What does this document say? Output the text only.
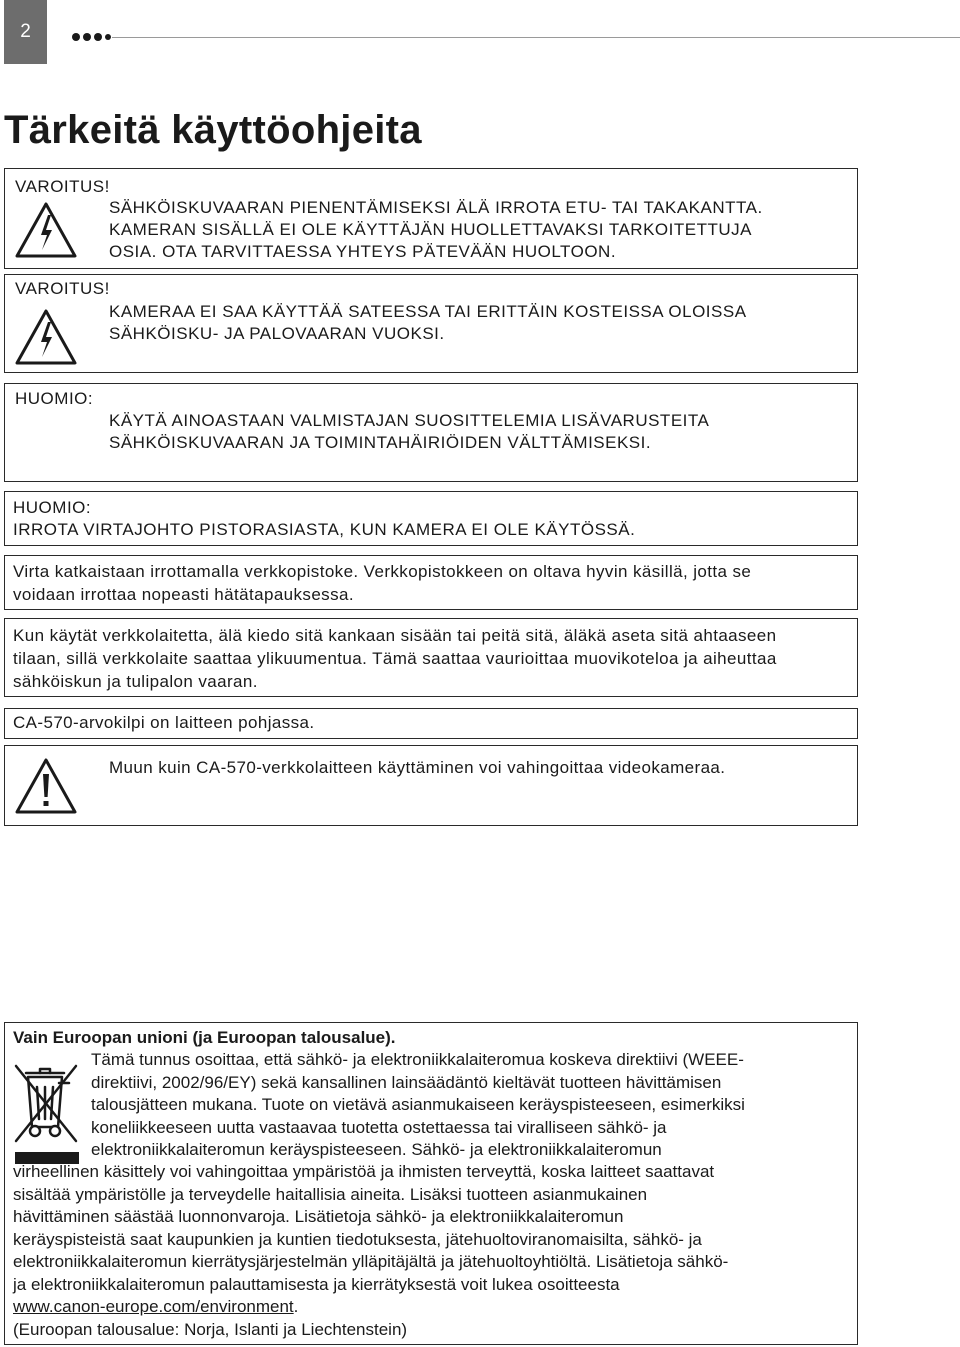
2
Tärkeitä käyttöohjeita
VAROITUS!
SÄHKÖISKUVAARAN PIENENTÄMISEKSI ÄLÄ IRROTA ETU- TAI TAKAKANTTA.
KAMERAN SISÄLLÄ EI OLE KÄYTTÄJÄN HUOLLETTAVAKSI TARKOITETTUJA
OSIA. OTA TARVITTAESSA YHTEYS PÄTEVÄÄN HUOLTOON.
VAROITUS!
KAMERAA EI SAA KÄYTTÄÄ SATEESSA TAI ERITTÄIN KOSTEISSA OLOISSA
SÄHKÖISKU- JA PALOVAARAN VUOKSI.
HUOMIO:
KÄYTÄ AINOASTAAN VALMISTAJAN SUOSITTELEMIA LISÄVARUSTEITA
SÄHKÖISKUVAARAN JA TOIMINTAHÄIRIÖIDEN VÄLTTÄMISEKSI.
HUOMIO:
IRROTA VIRTAJOHTO PISTORASIASTA, KUN KAMERA EI OLE KÄYTÖSSÄ.
Virta katkaistaan irrottamalla verkkopistoke. Verkkopistokkeen on oltava hyvin käsillä, jotta se
voidaan irrottaa nopeasti hätätapauksessa.
Kun käytät verkkolaitetta, älä kiedo sitä kankaan sisään tai peitä sitä, äläkä aseta sitä ahtaaseen
tilaan, sillä verkkolaite saattaa ylikuumentua. Tämä saattaa vaurioittaa muovikoteloa ja aiheuttaa
sähköiskun ja tulipalon vaaran.
CA-570-arvokilpi on laitteen pohjassa.
Muun kuin CA-570-verkkolaitteen käyttäminen voi vahingoittaa videokameraa.
Vain Euroopan unioni (ja Euroopan talousalue).
Tämä tunnus osoittaa, että sähkö- ja elektroniikkalaiteromua koskeva direktiivi (WEEE-
direktiivi, 2002/96/EY) sekä kansallinen lainsäädäntö kieltävät tuotteen hävittämisen
talousjätteen mukana. Tuote on vietävä asianmukaiseen keräyspisteeseen, esimerkiksi
koneliikkeeseen uutta vastaavaa tuotetta ostettaessa tai viralliseen sähkö- ja
elektroniikkalaiteromun keräyspisteeseen. Sähkö- ja elektroniikkalaiteromun
virheellinen käsittely voi vahingoittaa ympäristöä ja ihmisten terveyttä, koska laitteet saattavat
sisältää ympäristölle ja terveydelle haitallisia aineita. Lisäksi tuotteen asianmukainen
hävittäminen säästää luonnonvaroja. Lisätietoja sähkö- ja elektroniikkalaiteromun
keräyspisteistä saat kaupunkien ja kuntien tiedotuksesta, jätehuoltoviranomaisilta, sähkö- ja
elektroniikkalaiteromun kierrätysjärjestelmän ylläpitäjältä ja jätehuoltoyhtiöltä. Lisätietoja sähkö-
ja elektroniikkalaiteromun palauttamisesta ja kierrätyksestä voit lukea osoitteesta
www.canon-europe.com/environment.
(Euroopan talousalue: Norja, Islanti ja Liechtenstein)
